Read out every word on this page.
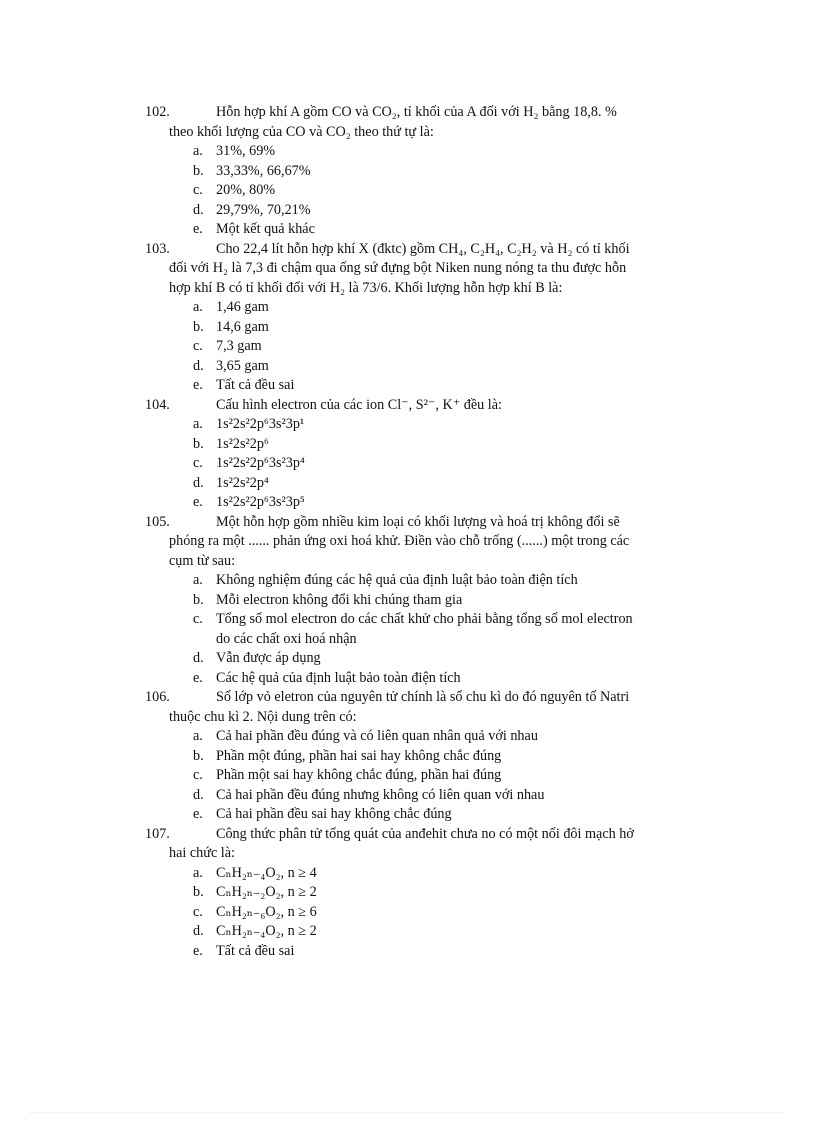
102.	Hỗn hợp khí A gồm CO và CO₂, tỉ khối của A đối với H₂ bằng 18,8. %
theo khối lượng của CO và CO₂ theo thứ tự là:
a. 31%, 69%
b. 33,33%, 66,67%
c. 20%, 80%
d. 29,79%, 70,21%
e. Một kết quả khác
103.	Cho 22,4 lít hỗn hợp khí X (đktc) gồm CH₄, C₂H₄, C₂H₂ và H₂ có tỉ khối
đối với H₂ là 7,3 đi chậm qua ống sứ đựng bột Niken nung nóng ta thu được hỗn
hợp khí B có tỉ khối đối với H₂ là 73/6. Khối lượng hỗn hợp khí B là:
a. 1,46 gam
b. 14,6 gam
c. 7,3 gam
d. 3,65 gam
e. Tất cả đều sai
104.	Cấu hình electron của các ion Cl⁻, S²⁻, K⁺ đều là:
a. 1s²2s²2p⁶3s²3p¹
b. 1s²2s²2p⁶
c. 1s²2s²2p⁶3s²3p⁴
d. 1s²2s²2p⁴
e. 1s²2s²2p⁶3s²3p⁵
105.	Một hỗn hợp gồm nhiều kim loại có khối lượng và hoá trị không đổi sẽ
phóng ra một ...... phản ứng oxi hoá khử. Điền vào chỗ trống (......) một trong các
cụm từ sau:
a. Không nghiệm đúng các hệ quả của định luật bảo toàn điện tích
b. Mỗi electron không đổi khi chúng tham gia
c. Tổng số mol electron do các chất khử cho phải bằng tổng số mol electron
do các chất oxi hoá nhận
d. Vẫn được áp dụng
e. Các hệ quả của định luật bảo toàn điện tích
106.	Số lớp vỏ eletron của nguyên tử chính là số chu kì do đó nguyên tố Natri
thuộc chu kì 2. Nội dung trên có:
a. Cả hai phần đều đúng và có liên quan nhân quả với nhau
b. Phần một đúng, phần hai sai hay không chắc đúng
c. Phần một sai hay không chắc đúng, phần hai đúng
d. Cả hai phần đều đúng nhưng không có liên quan với nhau
e. Cả hai phần đều sai hay không chắc đúng
107.	Công thức phân tử tổng quát của anđehit chưa no có một nối đôi mạch hở
hai chức là:
a. CₙH₂ₙ₋₄O₂, n ≥ 4
b. CₙH₂ₙ₋₂O₂, n ≥ 2
c. CₙH₂ₙ₋₆O₂, n ≥ 6
d. CₙH₂ₙ₋₄O₂, n ≥ 2
e. Tất cả đều sai
